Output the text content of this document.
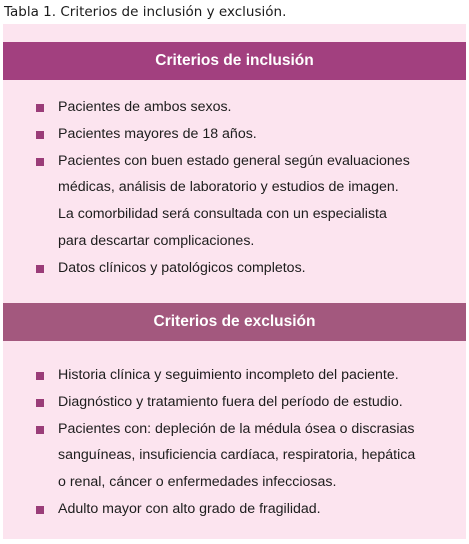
Tabla 1. Criterios de inclusión y exclusión.
Criterios de inclusión
Pacientes de ambos sexos.
Pacientes mayores de 18 años.
Pacientes con buen estado general según evaluaciones
médicas, análisis de laboratorio y estudios de imagen.
La comorbilidad será consultada con un especialista
para descartar complicaciones.
Datos clínicos y patológicos completos.
Criterios de exclusión
Historia clínica y seguimiento incompleto del paciente.
Diagnóstico y tratamiento fuera del período de estudio.
Pacientes con: depleción de la médula ósea o discrasias
sanguíneas, insuficiencia cardíaca, respiratoria, hepática
o renal, cáncer o enfermedades infecciosas.
Adulto mayor con alto grado de fragilidad.
